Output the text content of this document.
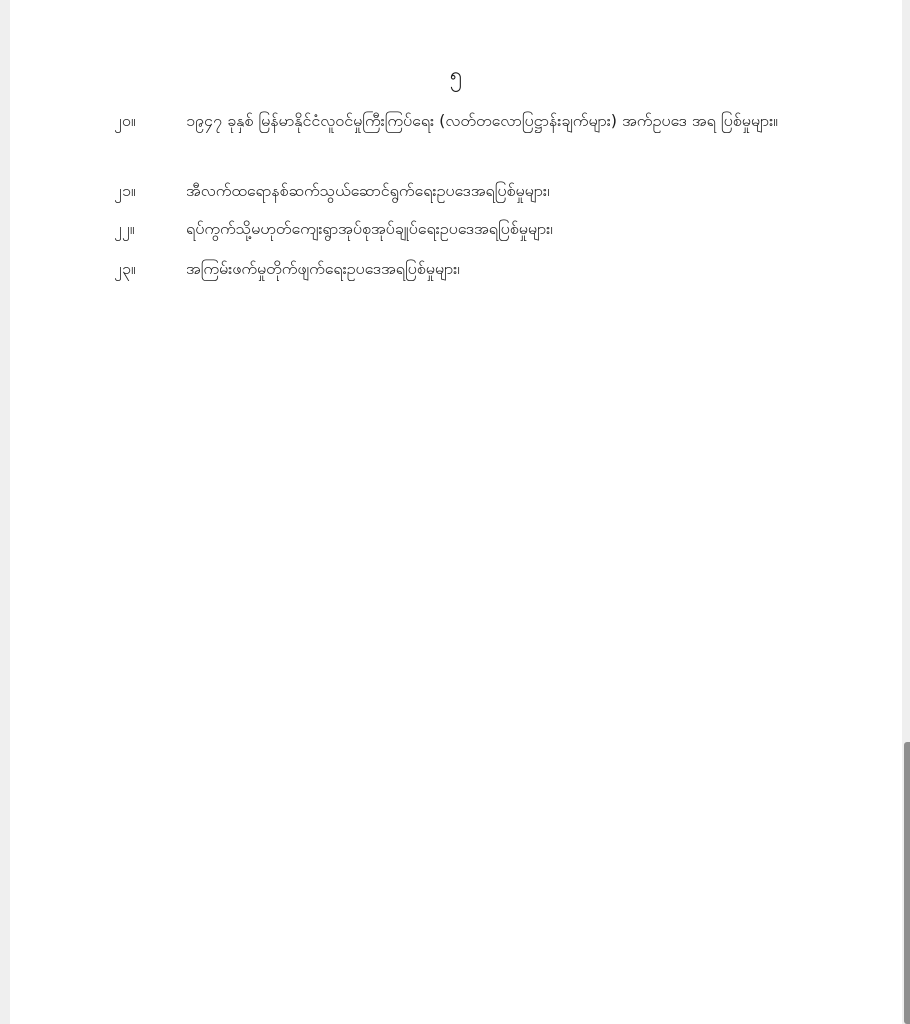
၅
၂၀။	၁၉၄၇ ခုနှစ် မြန်မာနိုင်ငံလူဝင်မှုကြီးကြပ်ရေး (လတ်တလောပြဋ္ဌာန်းချက်များ) အက်ဥပဒေ အရ ပြစ်မှုများ။
၂၁။	အီလက်ထရောနစ်ဆက်သွယ်ဆောင်ရွက်ရေးဥပဒေအရပြစ်မှုများ၊
၂၂။	ရပ်ကွက်သို့မဟုတ်ကျေးရွာအုပ်စုအုပ်ချုပ်ရေးဥပဒေအရပြစ်မှုများ၊
၂၃။	အကြမ်းဖက်မှုတိုက်ဖျက်ရေးဥပဒေအရပြစ်မှုများ၊
